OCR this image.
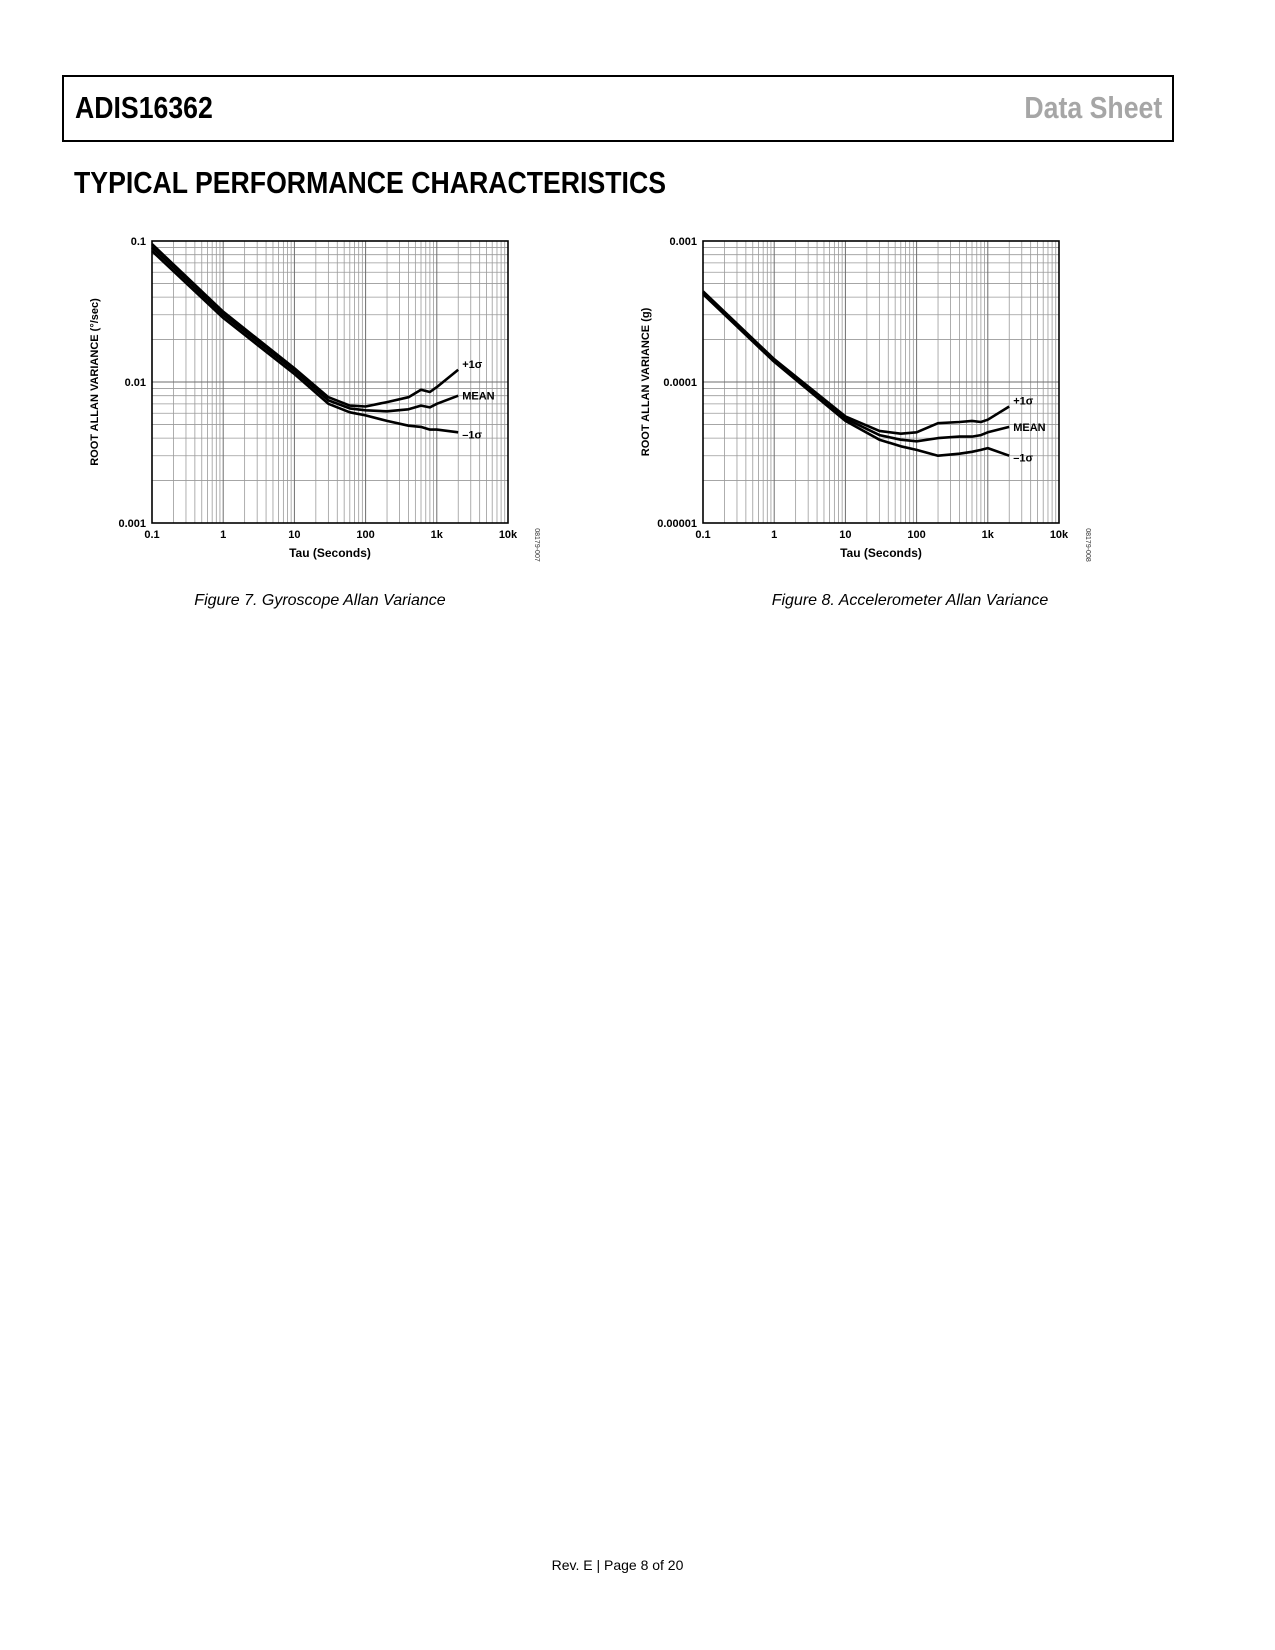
ADIS16362	Data Sheet
TYPICAL PERFORMANCE CHARACTERISTICS
0.1	1	10	100	1k	10k
0.001
0.01
0.1
Tau (Seconds)
ROOT ALLAN VARIANCE (°/sec)
08179-007
+1σ
MEAN
–1σ
0.1	1	10	100	1k	10k
0.00001
0.0001
0.001
Tau (Seconds)
ROOT ALLAN VARIANCE (g)
08179-008
+1σ
MEAN
–1σ
Figure 7. Gyroscope Allan Variance	Figure 8. Accelerometer Allan Variance
Rev. E | Page 8 of 20
